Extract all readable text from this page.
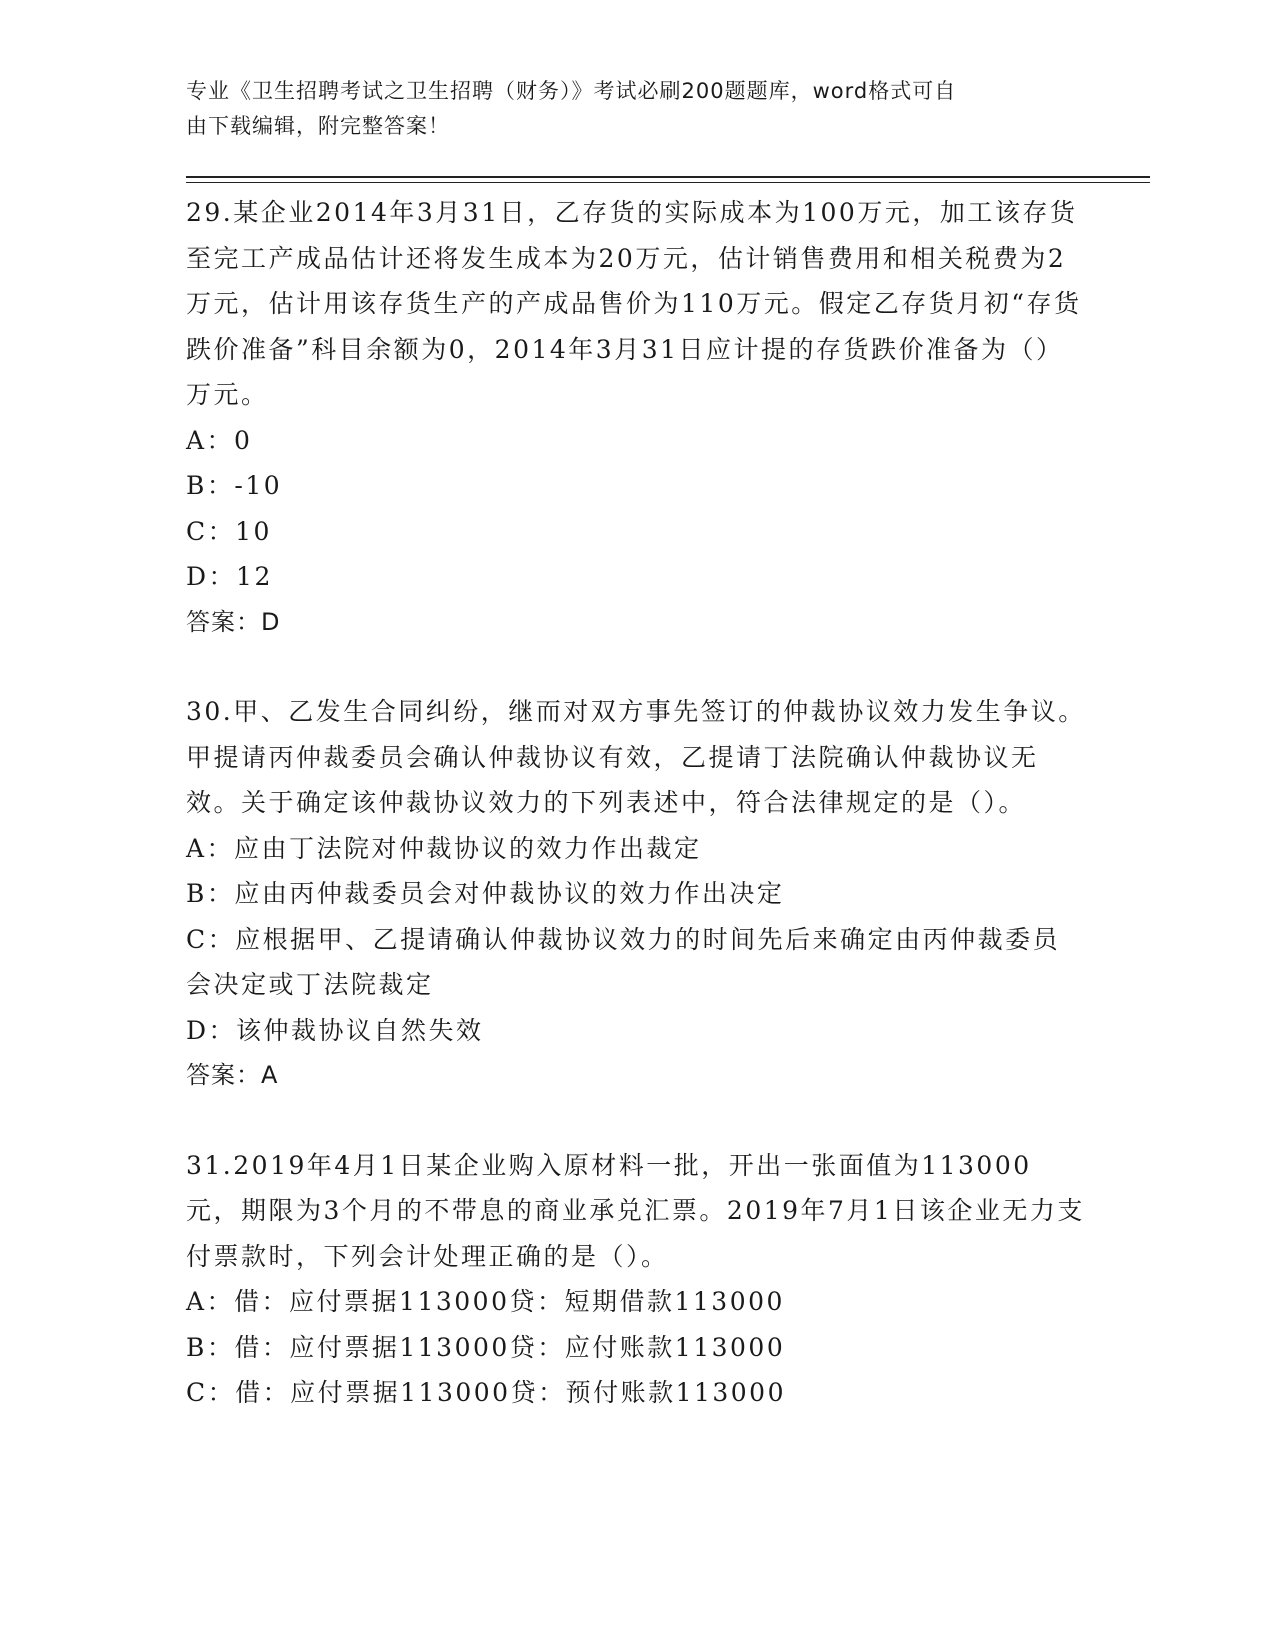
专业《卫生招聘考试之卫生招聘（财务）》考试必刷200题题库，word格式可自
由下载编辑，附完整答案！

29.某企业2014年3月31日，乙存货的实际成本为100万元，加工该存货至完工产成品估计还将发生成本为20万元，估计销售费用和相关税费为2万元，估计用该存货生产的产成品售价为110万元。假定乙存货月初“存货跌价准备”科目余额为0，2014年3月31日应计提的存货跌价准备为（）万元。

A：0

B：-10

C：10

D：12

答案：D

30.甲、乙发生合同纠纷，继而对双方事先签订的仲裁协议效力发生争议。甲提请丙仲裁委员会确认仲裁协议有效，乙提请丁法院确认仲裁协议无效。关于确定该仲裁协议效力的下列表述中，符合法律规定的是（）。

A：应由丁法院对仲裁协议的效力作出裁定

B：应由丙仲裁委员会对仲裁协议的效力作出决定

C：应根据甲、乙提请确认仲裁协议效力的时间先后来确定由丙仲裁委员会决定或丁法院裁定

D：该仲裁协议自然失效

答案：A

31.2019年4月1日某企业购入原材料一批，开出一张面值为113000元，期限为3个月的不带息的商业承兑汇票。2019年7月1日该企业无力支付票款时，下列会计处理正确的是（）。

A：借：应付票据113000贷：短期借款113000

B：借：应付票据113000贷：应付账款113000

C：借：应付票据113000贷：预付账款113000
